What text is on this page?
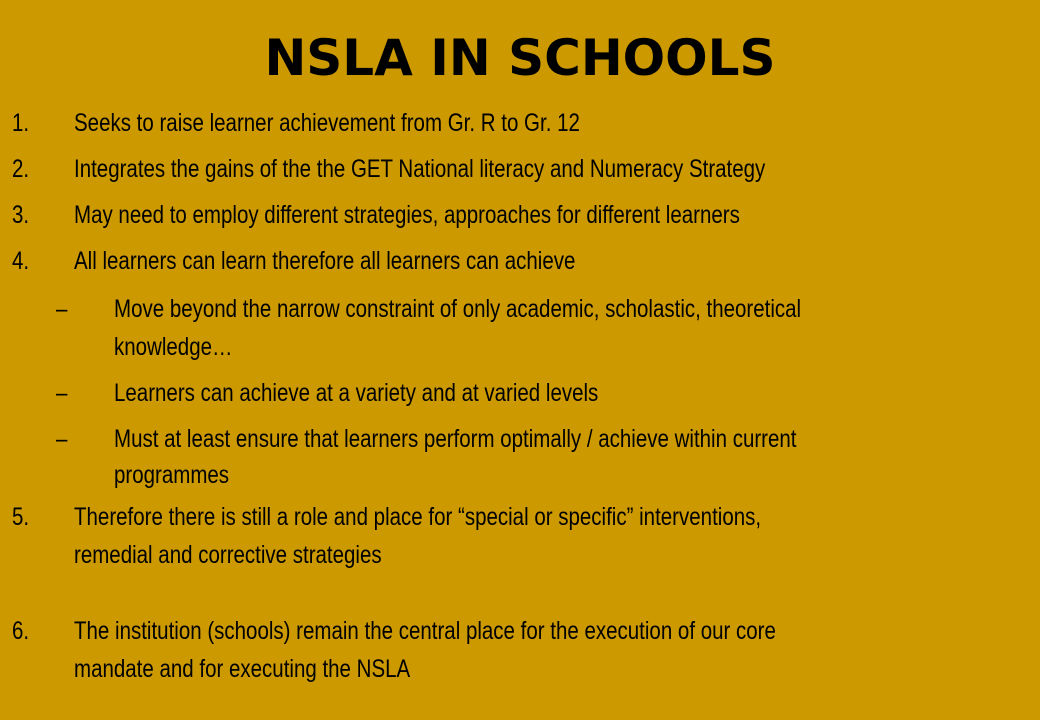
NSLA IN SCHOOLS
1. Seeks to raise learner achievement from Gr. R to Gr. 12
2. Integrates the gains of the the GET National literacy and Numeracy Strategy
3. May need to employ different strategies, approaches for different learners
4. All learners can learn therefore all learners can achieve
– Move beyond the narrow constraint of only academic, scholastic, theoretical
knowledge…
– Learners can achieve at a variety and at varied levels
– Must at least ensure that learners perform optimally / achieve within current
programmes
5. Therefore there is still a role and place for “special or specific” interventions,
remedial and corrective strategies
6. The institution (schools) remain the central place for the execution of our core
mandate and for executing the NSLA
